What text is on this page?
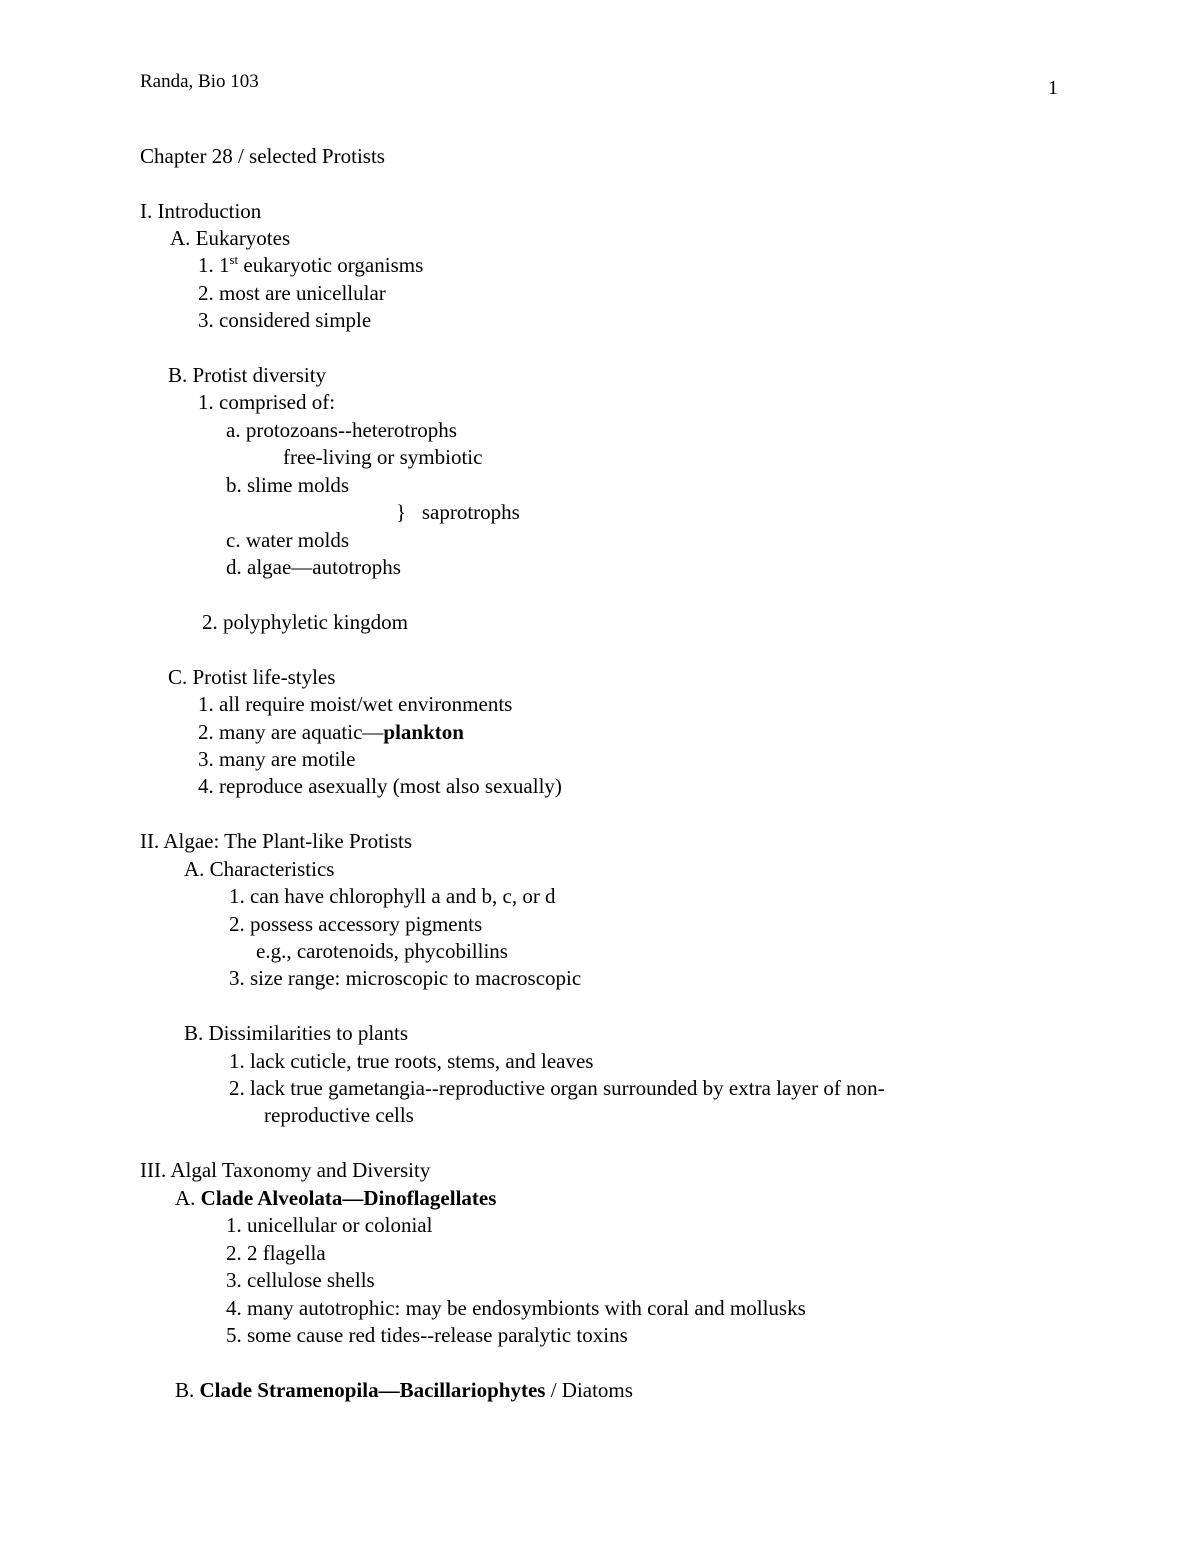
Randa, Bio 103	1
Chapter 28 / selected Protists
I. Introduction
A. Eukaryotes
1. 1st eukaryotic organisms
2. most are unicellular
3. considered simple
B. Protist diversity
1. comprised of:
a. protozoans--heterotrophs
free-living or symbiotic
b. slime molds
}   saprotrophs
c. water molds
d. algae—autotrophs
2. polyphyletic kingdom
C. Protist life-styles
1. all require moist/wet environments
2. many are aquatic—plankton
3. many are motile
4. reproduce asexually (most also sexually)
II. Algae: The Plant-like Protists
A. Characteristics
1. can have chlorophyll a and b, c, or d
2. possess accessory pigments
e.g., carotenoids, phycobillins
3. size range: microscopic to macroscopic
B. Dissimilarities to plants
1. lack cuticle, true roots, stems, and leaves
2. lack true gametangia--reproductive organ surrounded by extra layer of non-
reproductive cells
III. Algal Taxonomy and Diversity
A. Clade Alveolata—Dinoflagellates
1. unicellular or colonial
2. 2 flagella
3. cellulose shells
4. many autotrophic: may be endosymbionts with coral and mollusks
5. some cause red tides--release paralytic toxins
B. Clade Stramenopila—Bacillariophytes / Diatoms
